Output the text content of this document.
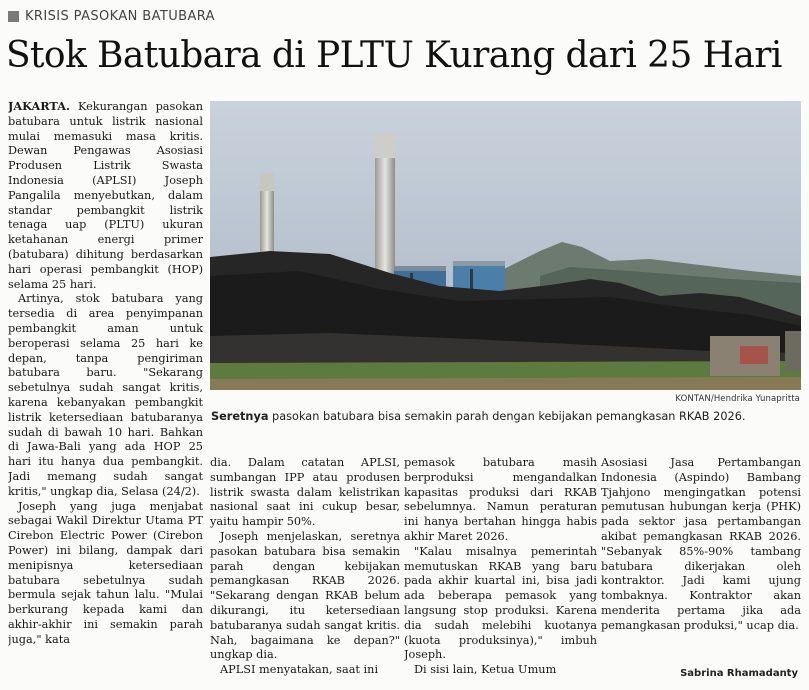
KRISIS PASOKAN BATUBARA
Stok Batubara di PLTU Kurang dari 25 Hari

JAKARTA. Kekurangan pasokan batubara untuk listrik nasional mulai memasuki masa kritis. Dewan Pengawas Asosiasi Produsen Listrik Swasta Indonesia (APLSI) Joseph Pangalila menyebutkan, dalam standar pembangkit listrik tenaga uap (PLTU) ukuran ketahanan energi primer (batubara) dihitung berdasarkan hari operasi pembangkit (HOP) selama 25 hari.

Artinya, stok batubara yang tersedia di area penyimpanan pembangkit aman untuk beroperasi selama 25 hari ke depan, tanpa pengiriman batubara baru. "Sekarang sebetulnya sudah sangat kritis, karena kebanyakan pembangkit listrik ketersediaan batubaranya sudah di bawah 10 hari. Bahkan di Jawa-Bali yang ada HOP 25 hari itu hanya dua pembangkit. Jadi memang sudah sangat kritis," ungkap dia, Selasa (24/2).

Joseph yang juga menjabat sebagai Wakil Direktur Utama PT Cirebon Electric Power (Cirebon Power) ini bilang, dampak dari menipisnya ketersediaan batubara sebetulnya sudah bermula sejak tahun lalu. "Mulai berkurang kepada kami dan akhir-akhir ini semakin parah juga," kata

KONTAN/Hendrika Yunapritta
Seretnya pasokan batubara bisa semakin parah dengan kebijakan pemangkasan RKAB 2026.

dia. Dalam catatan APLSI, sumbangan IPP atau produsen listrik swasta dalam kelistrikan nasional saat ini cukup besar, yaitu hampir 50%.

Joseph menjelaskan, seretnya pasokan batubara bisa semakin parah dengan kebijakan pemangkasan RKAB 2026. "Sekarang dengan RKAB belum dikurangi, itu ketersediaan batubaranya sudah sangat kritis. Nah, bagaimana ke depan?" ungkap dia.

APLSI menyatakan, saat ini

pemasok batubara masih berproduksi mengandalkan kapasitas produksi dari RKAB sebelumnya. Namun peraturan ini hanya bertahan hingga habis akhir Maret 2026.

"Kalau misalnya pemerintah memutuskan RKAB yang baru pada akhir kuartal ini, bisa jadi ada beberapa pemasok yang langsung stop produksi. Karena dia sudah melebihi kuotanya (kuota produksinya)," imbuh Joseph.

Di sisi lain, Ketua Umum

Asosiasi Jasa Pertambangan Indonesia (Aspindo) Bambang Tjahjono mengingatkan potensi pemutusan hubungan kerja (PHK) pada sektor jasa pertambangan akibat pemangkasan RKAB 2026. "Sebanyak 85%-90% tambang batubara dikerjakan oleh kontraktor. Jadi kami ujung tombaknya. Kontraktor akan menderita pertama jika ada pemangkasan produksi," ucap dia.

Sabrina Rhamadanty
